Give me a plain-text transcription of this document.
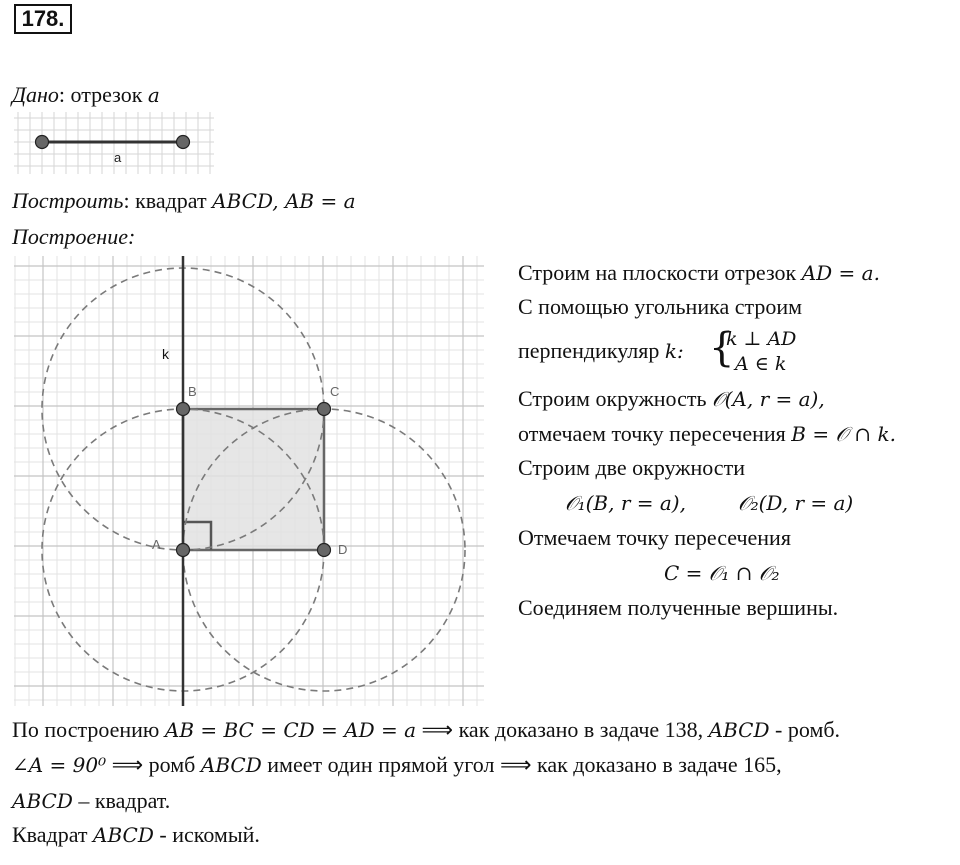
178.
Дано: отрезок a
a
Построить: квадрат ABCD, AB = a
Построение:
k
A
B	C
D
Строим на плоскости отрезок AD = a.
С помощью угольника строим
перпендикуляр k: {
k ⊥ AD
A ∈ k
Строим окружность 𝒪(A, r = a),
отмечаем точку пересечения B = 𝒪 ∩ k.
Строим две окружности
𝒪₁(B, r = a),	𝒪₂(D, r = a)
Отмечаем точку пересечения
C = 𝒪₁ ∩ 𝒪₂
Соединяем полученные вершины.
По построению AB = BC = CD = AD = a ⟹ как доказано в задаче 138, ABCD - ромб.
∠A = 90⁰ ⟹ ромб ABCD имеет один прямой угол ⟹ как доказано в задаче 165,
ABCD – квадрат.
Квадрат ABCD - искомый.
